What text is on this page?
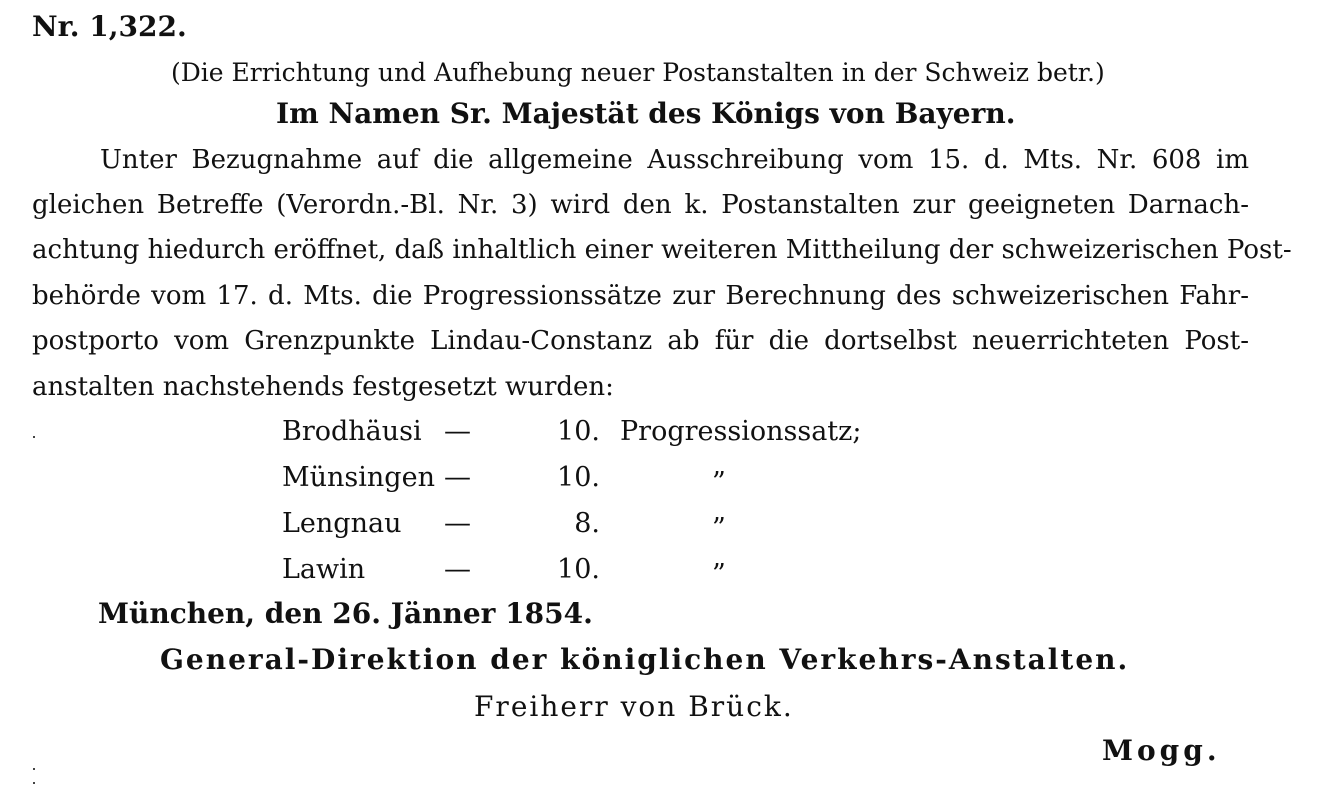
Nr. 1,322.
(Die Errichtung und Aufhebung neuer Postanstalten in der Schweiz betr.)
Im Namen Sr. Majestät des Königs von Bayern.
Unter Bezugnahme auf die allgemeine Ausschreibung vom 15. d. Mts. Nr. 608 im
gleichen Betreffe (Verordn.-Bl. Nr. 3) wird den k. Postanstalten zur geeigneten Darnach-
achtung hiedurch eröffnet, daß inhaltlich einer weiteren Mittheilung der schweizerischen Post-
behörde vom 17. d. Mts. die Progressionssätze zur Berechnung des schweizerischen Fahr-
postporto vom Grenzpunkte Lindau-Constanz ab für die dortselbst neuerrichteten Post-
anstalten nachstehends festgesetzt wurden:
Brodhäusi —	10. Progressionssatz;
Münsingen —	10.	”
Lengnau	—	8.	”
Lawin	—	10.	”
München, den 26. Jänner 1854.
General-Direktion der königlichen Verkehrs-Anstalten.
Freiherr von Brück.
Mogg.
